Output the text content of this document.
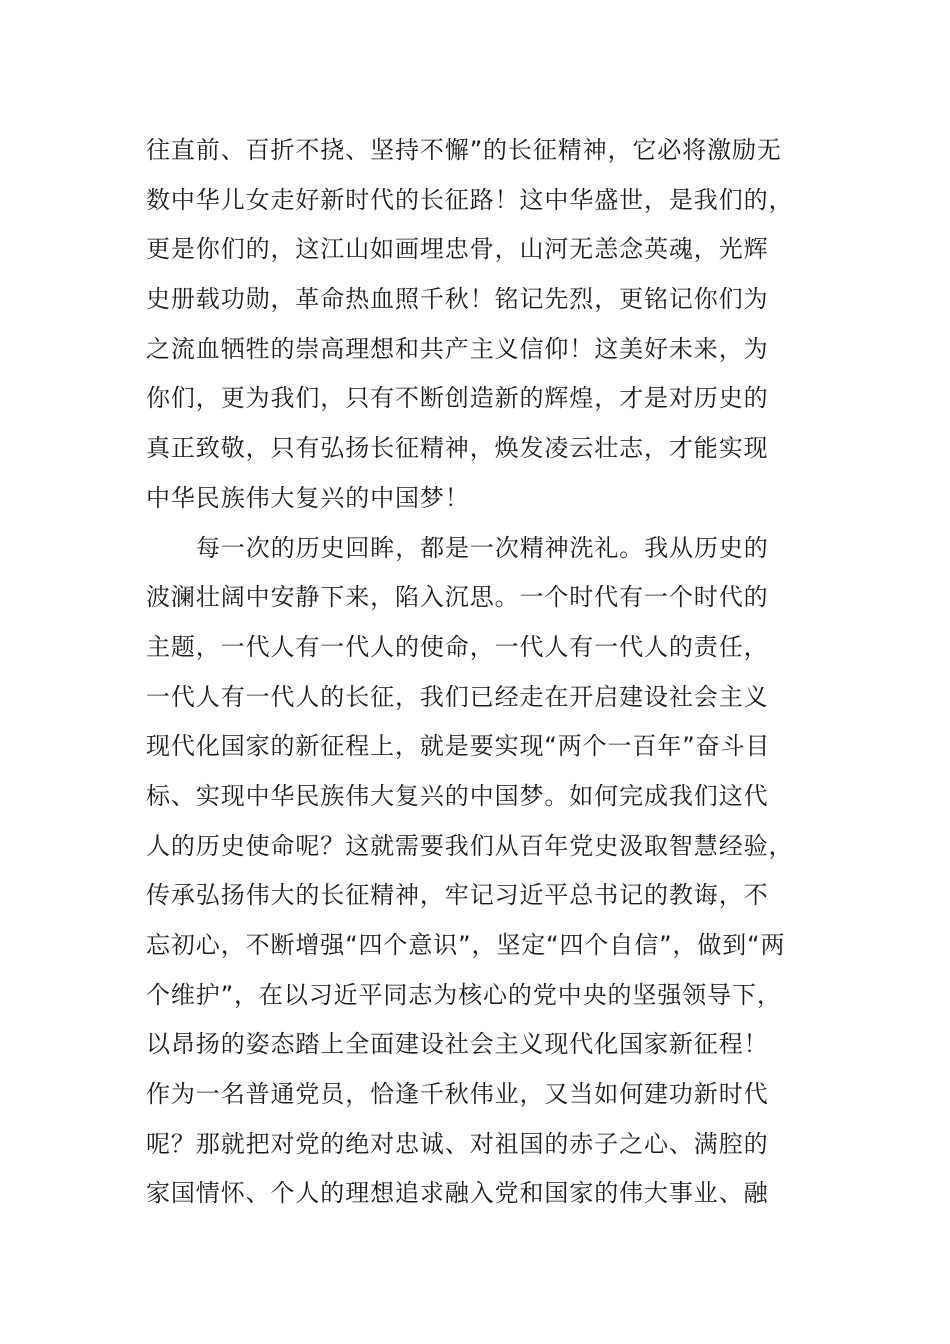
往直前、百折不挠、坚持不懈”的长征精神，它必将激励无
数中华儿女走好新时代的长征路！这中华盛世，是我们的，
更是你们的，这江山如画埋忠骨，山河无恙念英魂，光辉
史册载功勋，革命热血照千秋！铭记先烈，更铭记你们为
之流血牺牲的崇高理想和共产主义信仰！这美好未来，为
你们，更为我们，只有不断创造新的辉煌，才是对历史的
真正致敬，只有弘扬长征精神，焕发凌云壮志，才能实现
中华民族伟大复兴的中国梦！
每一次的历史回眸，都是一次精神洗礼。我从历史的
波澜壮阔中安静下来，陷入沉思。一个时代有一个时代的
主题，一代人有一代人的使命，一代人有一代人的责任，
一代人有一代人的长征，我们已经走在开启建设社会主义
现代化国家的新征程上，就是要实现“两个一百年”奋斗目
标、实现中华民族伟大复兴的中国梦。如何完成我们这代
人的历史使命呢？这就需要我们从百年党史汲取智慧经验，
传承弘扬伟大的长征精神，牢记习近平总书记的教诲，不
忘初心，不断增强“四个意识”，坚定“四个自信”，做到“两
个维护”，在以习近平同志为核心的党中央的坚强领导下，
以昂扬的姿态踏上全面建设社会主义现代化国家新征程！
作为一名普通党员，恰逢千秋伟业，又当如何建功新时代
呢？那就把对党的绝对忠诚、对祖国的赤子之心、满腔的
家国情怀、个人的理想追求融入党和国家的伟大事业、融
